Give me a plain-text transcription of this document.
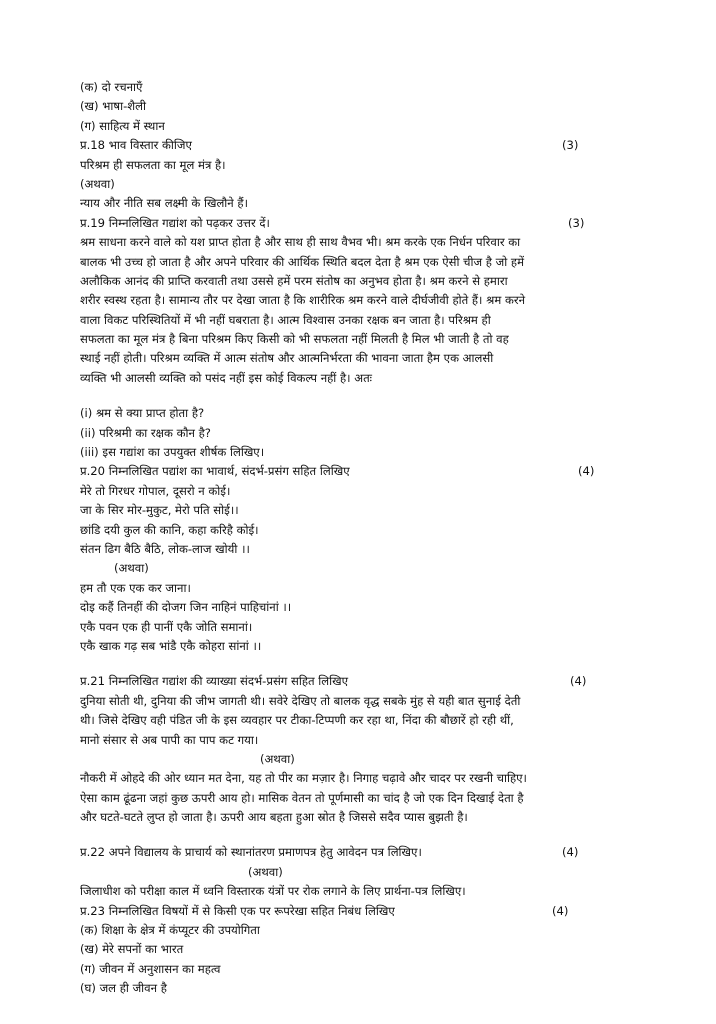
(क) दो रचनाएँ
(ख) भाषा-शैली
(ग) साहित्य में स्थान
प्र.18 भाव विस्तार कीजिए	(3)
परिश्रम ही सफलता का मूल मंत्र है।
(अथवा)
न्याय और नीति सब लक्ष्मी के खिलौने हैं।
प्र.19 निम्नलिखित गद्यांश को पढ़कर उत्तर दें।	(3)
श्रम साधना करने वाले को यश प्राप्त होता है और साथ ही साथ वैभव भी। श्रम करके एक निर्धन परिवार का
बालक भी उच्च हो जाता है और अपने परिवार की आर्थिक स्थिति बदल देता है श्रम एक ऐसी चीज है जो हमें
अलौकिक आनंद की प्राप्ति करवाती तथा उससे हमें परम संतोष का अनुभव होता है। श्रम करने से हमारा
शरीर स्वस्थ रहता है। सामान्य तौर पर देखा जाता है कि शारीरिक श्रम करने वाले दीर्घजीवी होते हैं। श्रम करने
वाला विकट परिस्थितियों में भी नहीं घबराता है। आत्म विश्वास उनका रक्षक बन जाता है। परिश्रम ही
सफलता का मूल मंत्र है बिना परिश्रम किए किसी को भी सफलता नहीं मिलती है मिल भी जाती है तो वह
स्थाई नहीं होती। परिश्रम व्यक्ति में आत्म संतोष और आत्मनिर्भरता की भावना जाता हैम एक आलसी
व्यक्ति भी आलसी व्यक्ति को पसंद नहीं इस कोई विकल्प नहीं है। अतः
(i) श्रम से क्या प्राप्त होता है?
(ii) परिश्रमी का रक्षक कौन है?
(iii) इस गद्यांश का उपयुक्त शीर्षक लिखिए।
प्र.20 निम्नलिखित पद्यांश का भावार्थ, संदर्भ-प्रसंग सहित लिखिए	(4)
मेरे तो गिरधर गोपाल, दूसरो न कोई।
जा के सिर मोर-मुकुट, मेरो पति सोई।।
छांडि दयी कुल की कानि, कहा करिहै कोई।
संतन ढिग बैठि बैठि, लोक-लाज खोयी ।।
(अथवा)
हम तौ एक एक कर जाना।
दोइ कहैं तिनहीं की दोजग जिन नाहिनं पाहिचांनां ।।
एकै पवन एक ही पानीं एकै जोति समानां।
एकै खाक गढ़ सब भांडै एकै कोहरा सांनां ।।
प्र.21 निम्नलिखित गद्यांश की व्याख्या संदर्भ-प्रसंग सहित लिखिए	(4)
दुनिया सोती थी, दुनिया की जीभ जागती थी। सवेरे देखिए तो बालक वृद्ध सबके मुंह से यही बात सुनाई देती
थी। जिसे देखिए वही पंडित जी के इस व्यवहार पर टीका-टिप्पणी कर रहा था, निंदा की बौछारें हो रही थीं,
मानो संसार से अब पापी का पाप कट गया।
(अथवा)
नौकरी में ओहदे की ओर ध्यान मत देना, यह तो पीर का मज़ार है। निगाह चढ़ावे और चादर पर रखनी चाहिए।
ऐसा काम ढूंढना जहां कुछ ऊपरी आय हो। मासिक वेतन तो पूर्णमासी का चांद है जो एक दिन दिखाई देता है
और घटते-घटते लुप्त हो जाता है। ऊपरी आय बहता हुआ स्रोत है जिससे सदैव प्यास बुझती है।
प्र.22 अपने विद्यालय के प्राचार्य को स्थानांतरण प्रमाणपत्र हेतु आवेदन पत्र लिखिए।	(4)
(अथवा)
जिलाधीश को परीक्षा काल में ध्वनि विस्तारक यंत्रों पर रोक लगाने के लिए प्रार्थना-पत्र लिखिए।
प्र.23 निम्नलिखित विषयों में से किसी एक पर रूपरेखा सहित निबंध लिखिए	(4)
(क) शिक्षा के क्षेत्र में कंप्यूटर की उपयोगिता
(ख) मेरे सपनों का भारत
(ग) जीवन में अनुशासन का महत्व
(घ) जल ही जीवन है
